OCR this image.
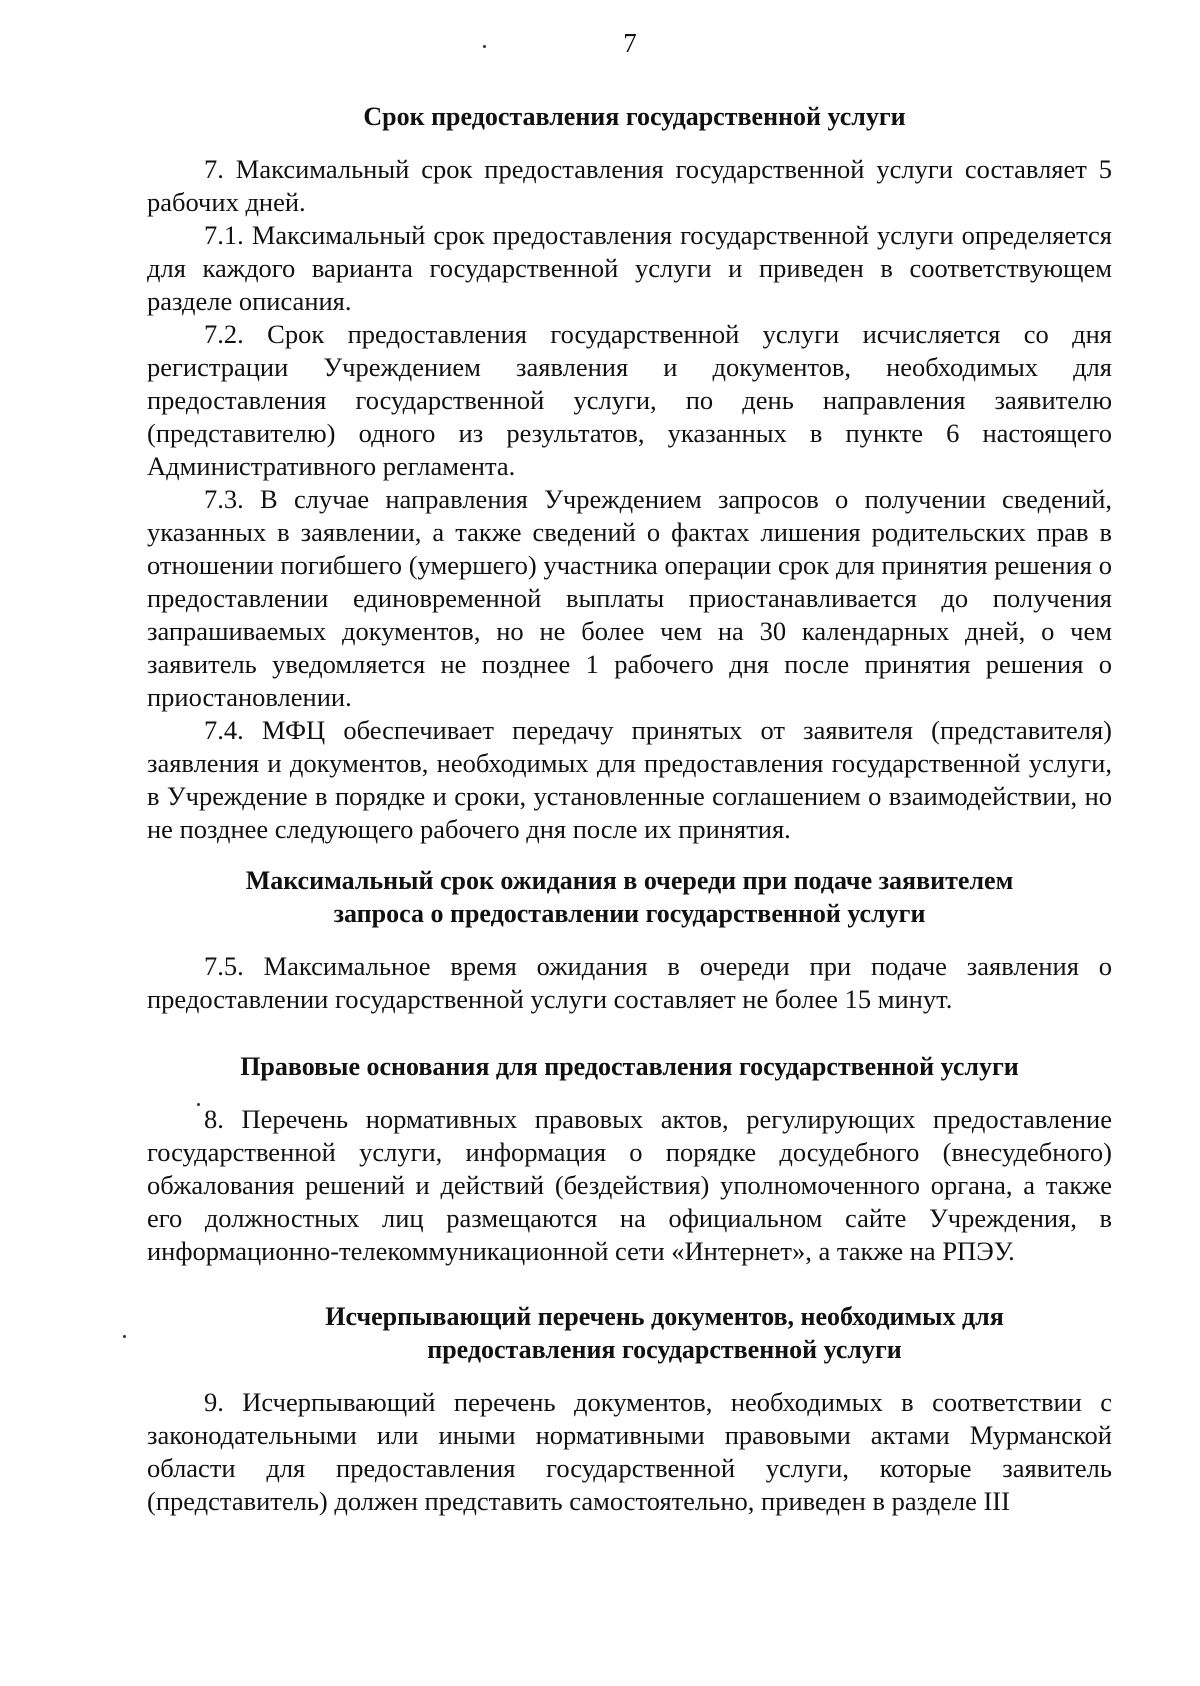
7
Срок предоставления государственной услуги

7. Максимальный срок предоставления государственной услуги составляет 5 рабочих дней.

7.1. Максимальный срок предоставления государственной услуги определяется для каждого варианта государственной услуги и приведен в соответствующем разделе описания.

7.2. Срок предоставления государственной услуги исчисляется со дня регистрации Учреждением заявления и документов, необходимых для предоставления государственной услуги, по день направления заявителю (представителю) одного из результатов, указанных в пункте 6 настоящего Административного регламента.

7.3. В случае направления Учреждением запросов о получении сведений, указанных в заявлении, а также сведений о фактах лишения родительских прав в отношении погибшего (умершего) участника операции срок для принятия решения о предоставлении единовременной выплаты приостанавливается до получения запрашиваемых документов, но не более чем на 30 календарных дней, о чем заявитель уведомляется не позднее 1 рабочего дня после принятия решения о приостановлении.

7.4. МФЦ обеспечивает передачу принятых от заявителя (представителя) заявления и документов, необходимых для предоставления государственной услуги, в Учреждение в порядке и сроки, установленные соглашением о взаимодействии, но не позднее следующего рабочего дня после их принятия.

Максимальный срок ожидания в очереди при подаче заявителем
запроса о предоставлении государственной услуги

7.5. Максимальное время ожидания в очереди при подаче заявления о предоставлении государственной услуги составляет не более 15 минут.

Правовые основания для предоставления государственной услуги

8. Перечень нормативных правовых актов, регулирующих предоставление государственной услуги, информация о порядке досудебного (внесудебного) обжалования решений и действий (бездействия) уполномоченного органа, а также его должностных лиц размещаются на официальном сайте Учреждения, в информационно-телекоммуникационной сети «Интернет», а также на РПЭУ.

Исчерпывающий перечень документов, необходимых для
предоставления государственной услуги

9. Исчерпывающий перечень документов, необходимых в соответствии с законодательными или иными нормативными правовыми актами Мурманской области для предоставления государственной услуги, которые заявитель (представитель) должен представить самостоятельно, приведен в разделе III
